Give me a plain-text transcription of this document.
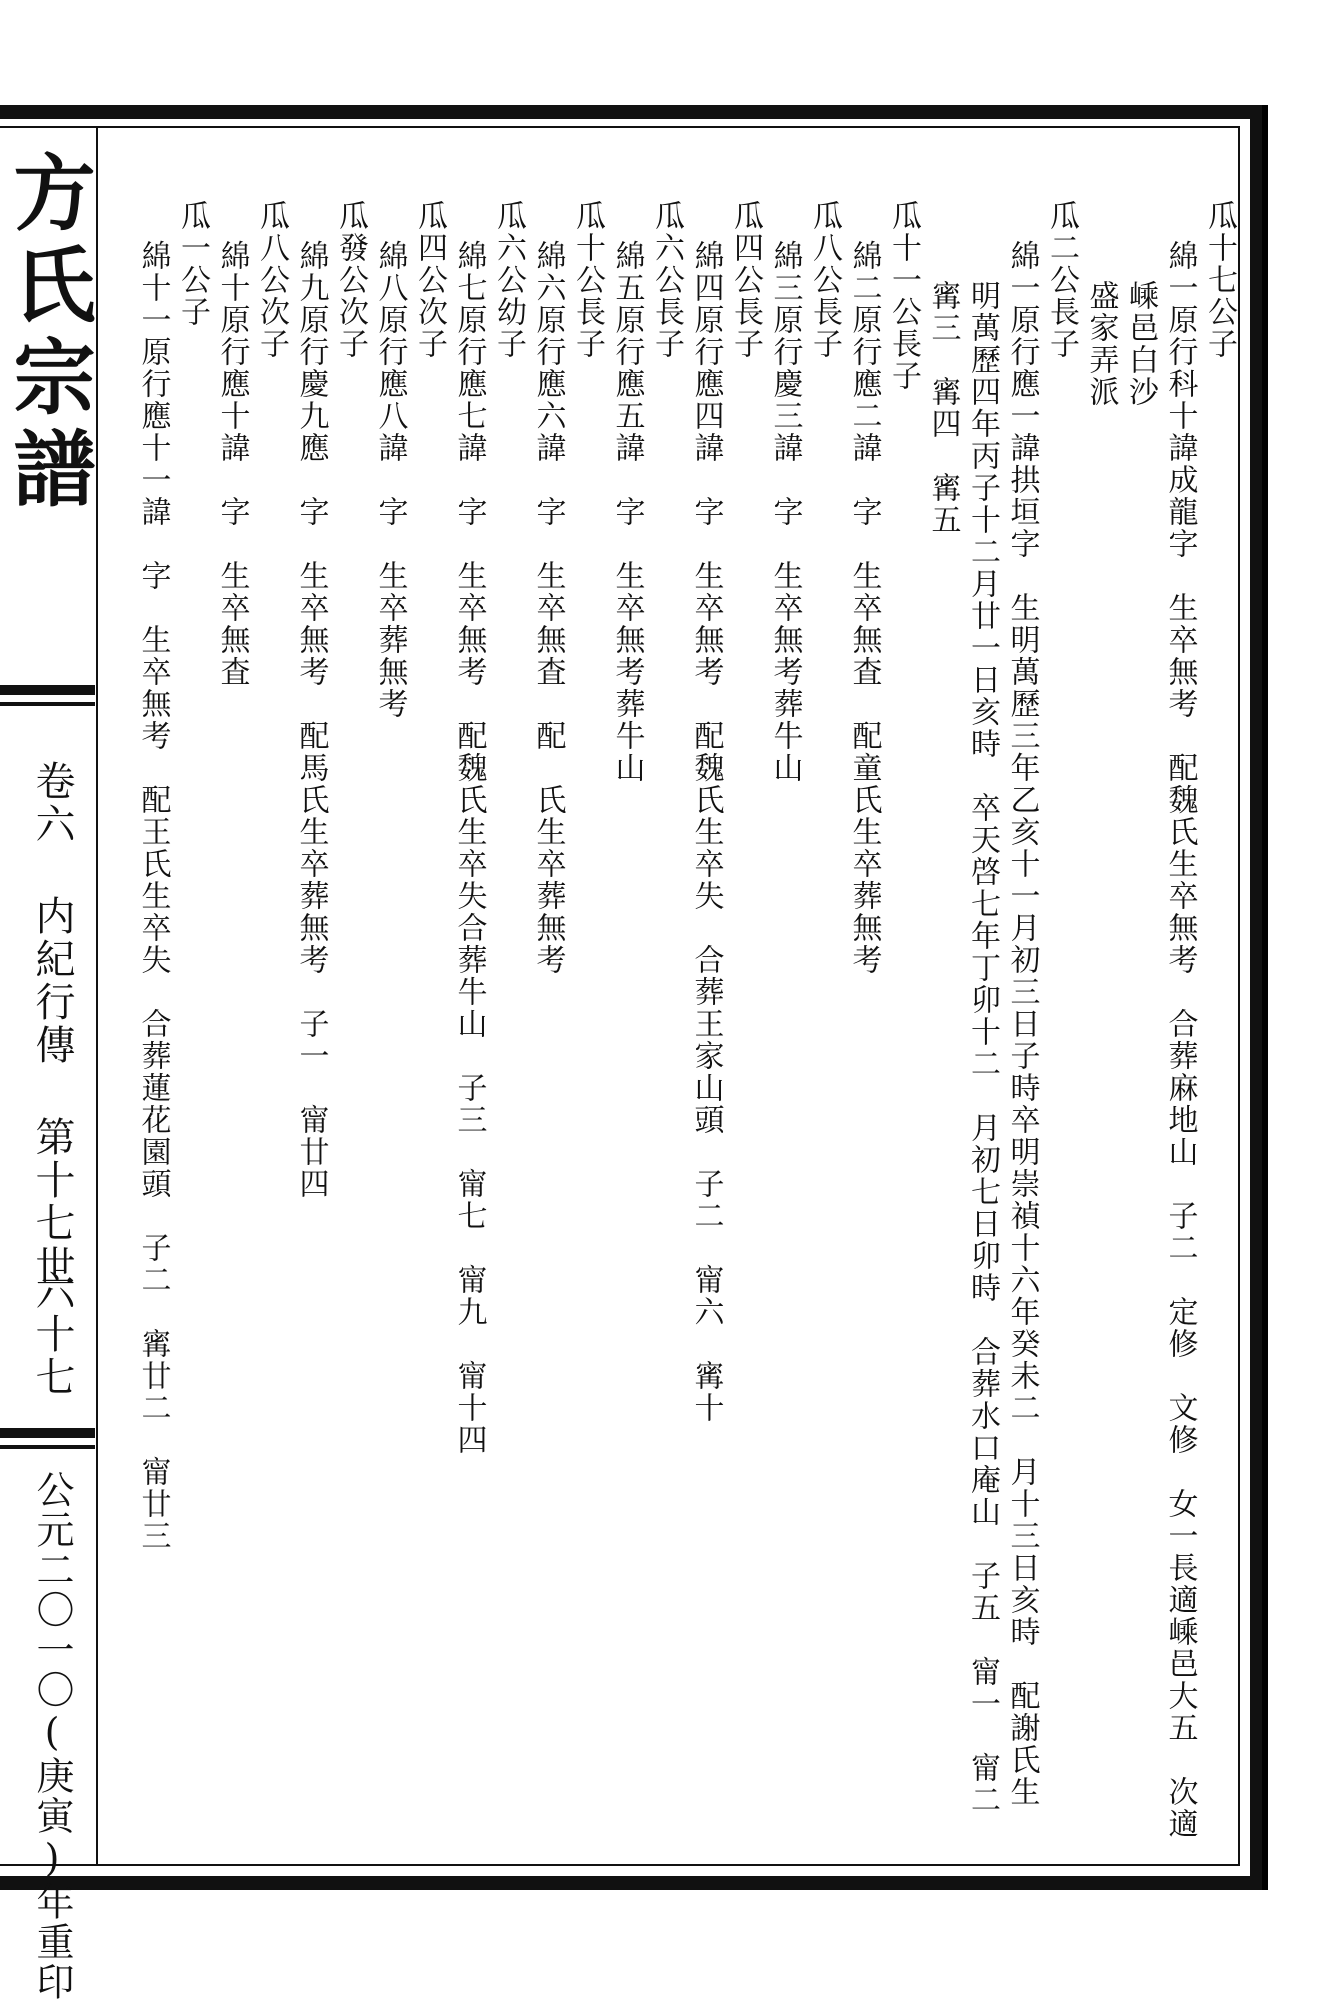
方氏宗譜
卷六 内紀行傳 第十七世
六十七
公元二〇一〇(庚寅)年重印
瓜十七公子
綿一原行科十諱成龍字　生卒無考　配魏氏生卒無考　合葬麻地山　子二　定修　文修　女一長適嵊邑大五　次適
嵊邑白沙
盛家弄派
瓜二公長子
綿一原行應一諱拱垣字　生明萬歷三年乙亥十一月初三日子時卒明崇禎十六年癸未二　月十三日亥時　配謝氏生
明萬歷四年丙子十二月廿一日亥時　卒天啓七年丁卯十二　月初七日卯時　合葬水口庵山　子五　甯一　甯二
寗三　寗四　寗五
瓜十一公長子
綿二原行應二諱　字　生卒無査　配童氏生卒葬無考
瓜八公長子
綿三原行慶三諱　字　生卒無考葬牛山
瓜四公長子
綿四原行應四諱　字　生卒無考　配魏氏生卒失　合葬王家山頭　子二　甯六　寗十
瓜六公長子
綿五原行應五諱　字　生卒無考葬牛山
瓜十公長子
綿六原行應六諱　字　生卒無査　配　氏生卒葬無考
瓜六公幼子
綿七原行應七諱　字　生卒無考　配魏氏生卒失合葬牛山　子三　甯七　甯九　甯十四
瓜四公次子
綿八原行應八諱　字　生卒葬無考
瓜發公次子
綿九原行慶九應　字　生卒無考　配馬氏生卒葬無考　子一　甯廿四
瓜八公次子
綿十原行應十諱　字　生卒無査
瓜一公子
綿十一原行應十一諱　字　生卒無考　配王氏生卒失　合葬蓮花園頭　子二　寗廿二　甯廿三
